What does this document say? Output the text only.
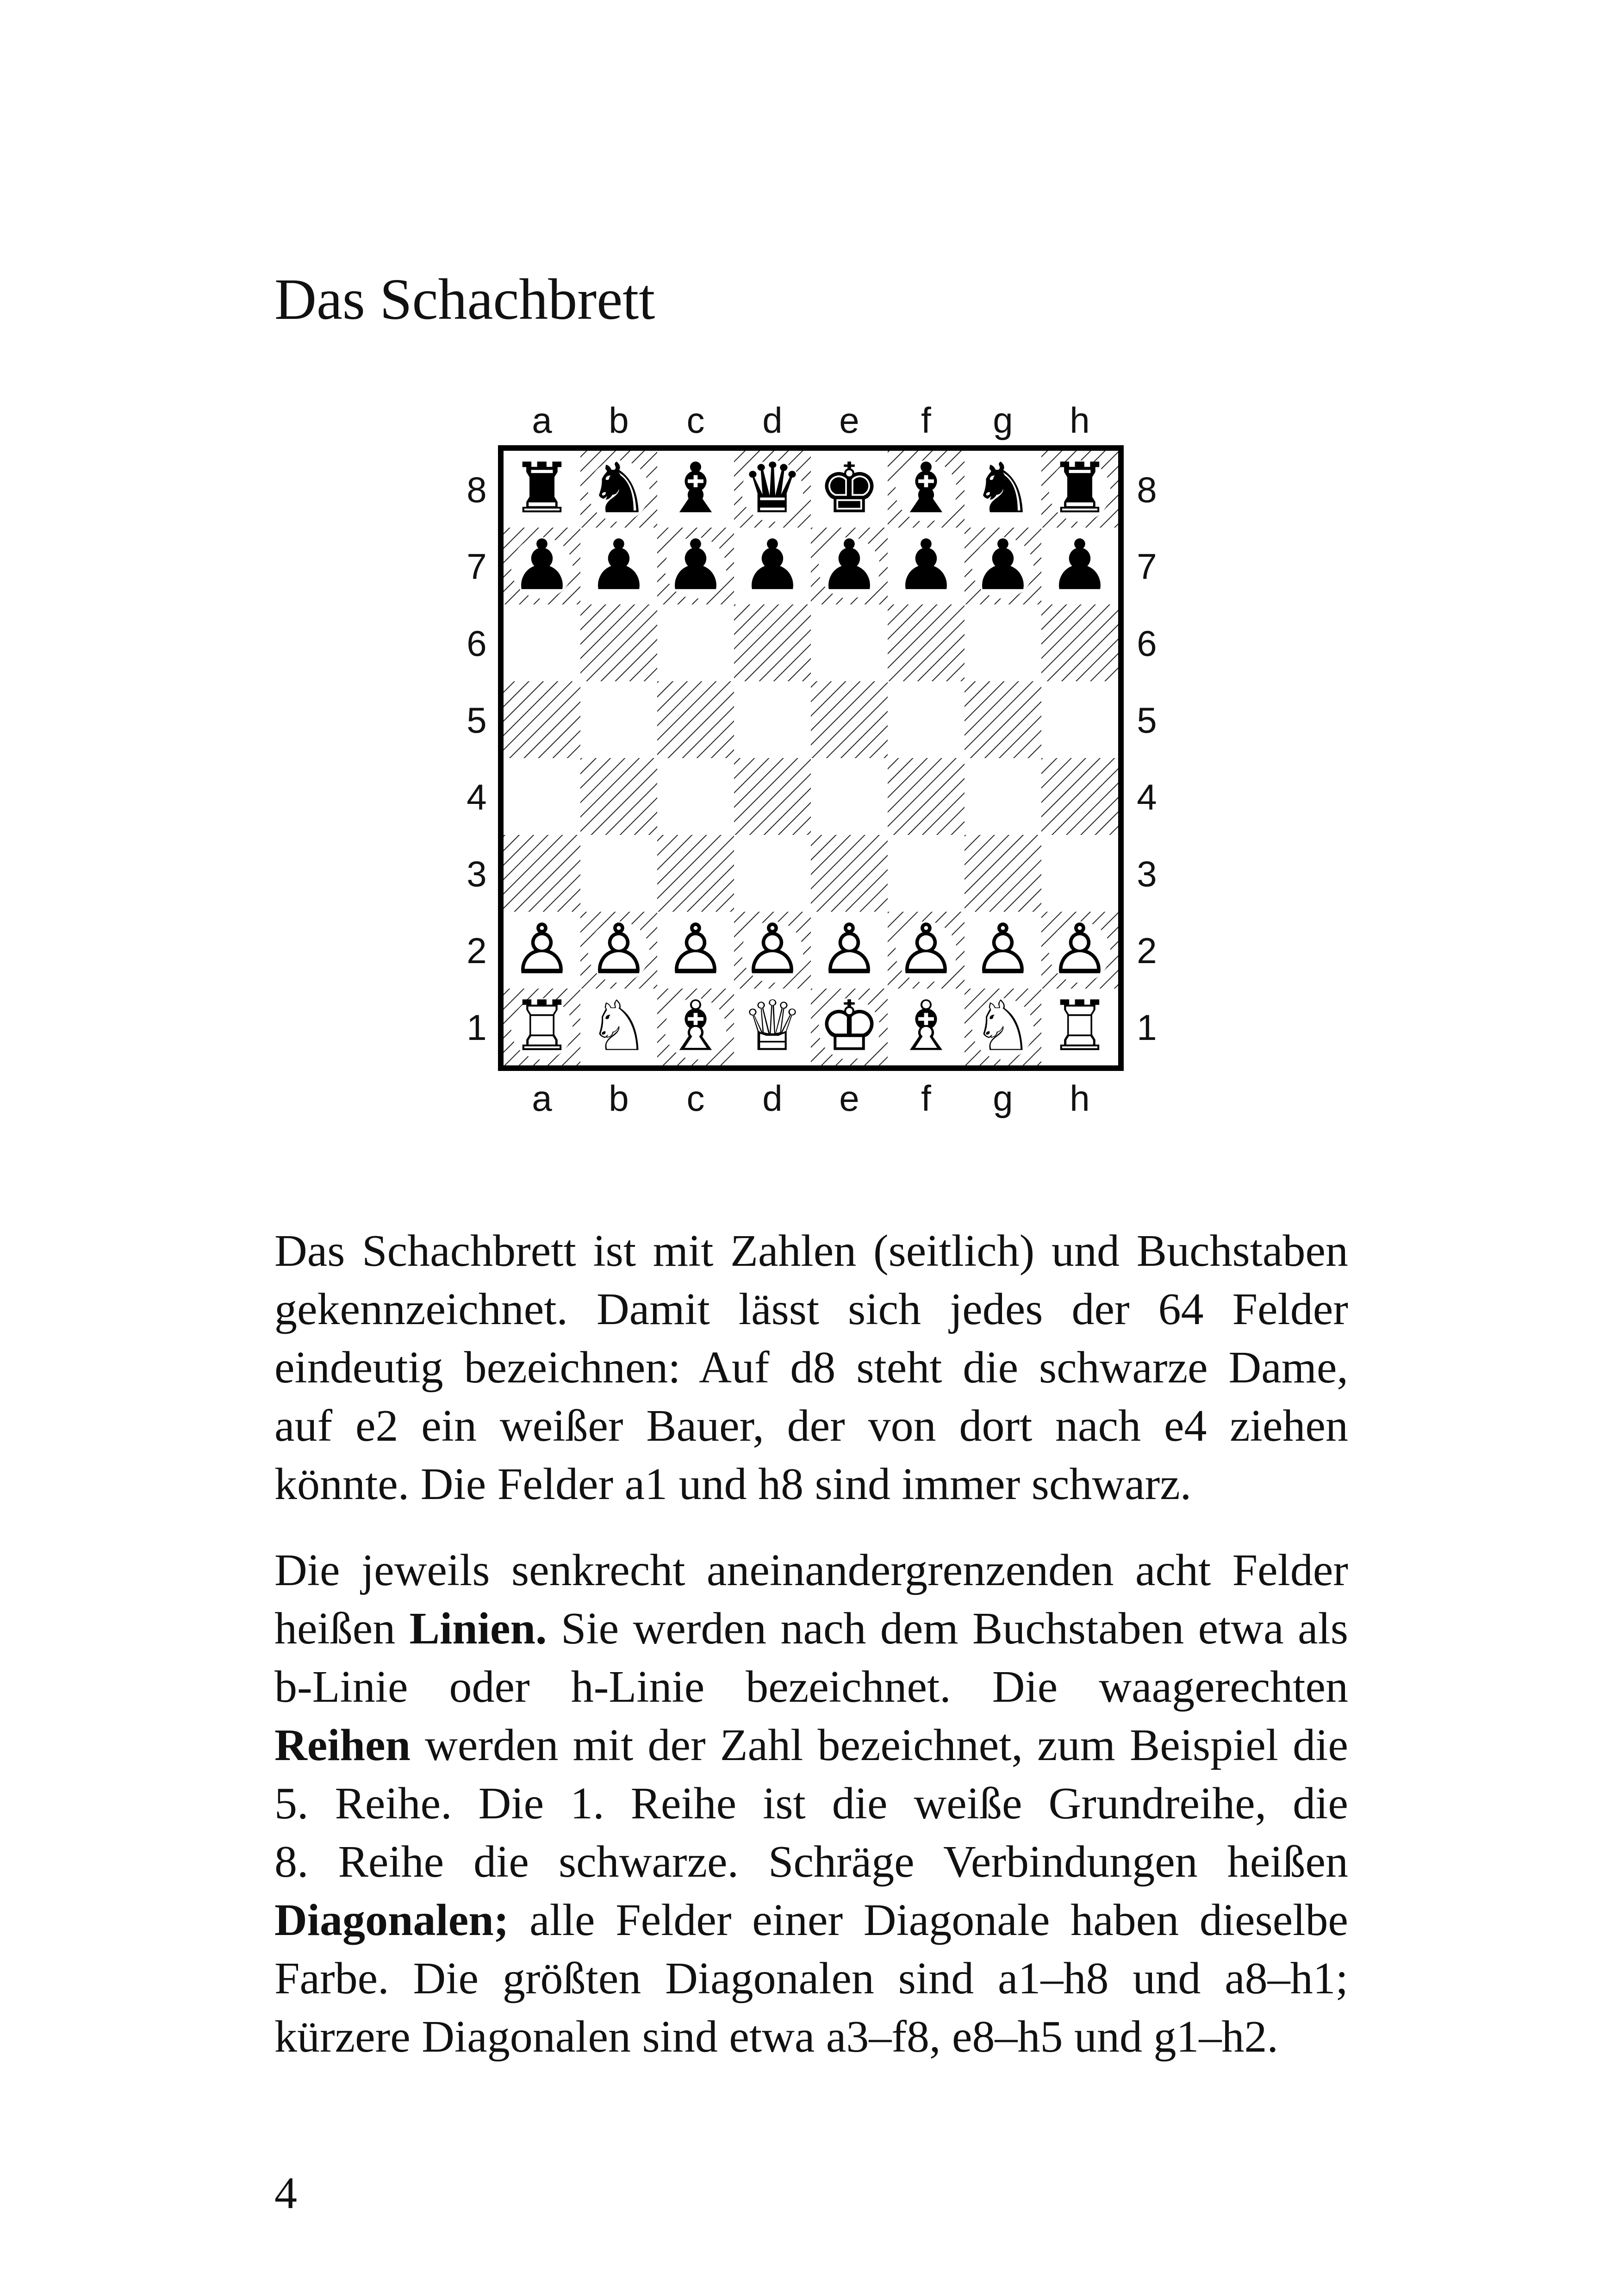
Das Schachbrett
♜ ♞ ♝ ♛ ♚ ♝ ♞ ♜
♟ ♟ ♟ ♟ ♟ ♟ ♟ ♟
♙ ♙ ♙ ♙ ♙ ♙ ♙ ♙
♖ ♘ ♗ ♕ ♔ ♗ ♘ ♖
a
a
b
b
c
c
d
d
e
e
f
f
g
g
h
h
8	8
7	7
6	6
5	5
4	4
3	3
2	2
1	1
Das Schachbrett ist mit Zahlen (seitlich) und Buchstaben
gekennzeichnet. Damit lässt sich jedes der 64 Felder
eindeutig bezeichnen: Auf d8 steht die schwarze Dame,
auf e2 ein weißer Bauer, der von dort nach e4 ziehen
könnte. Die Felder a1 und h8 sind immer schwarz.
Die jeweils senkrecht aneinandergrenzenden acht Felder
heißen Linien. Sie werden nach dem Buchstaben etwa als
b-Linie oder h-Linie bezeichnet. Die waagerechten
Reihen werden mit der Zahl bezeichnet, zum Beispiel die
5. Reihe. Die 1. Reihe ist die weiße Grundreihe, die
8. Reihe die schwarze. Schräge Verbindungen heißen
Diagonalen; alle Felder einer Diagonale haben dieselbe
Farbe. Die größten Diagonalen sind a1–h8 und a8–h1;
kürzere Diagonalen sind etwa a3–f8, e8–h5 und g1–h2.
4
